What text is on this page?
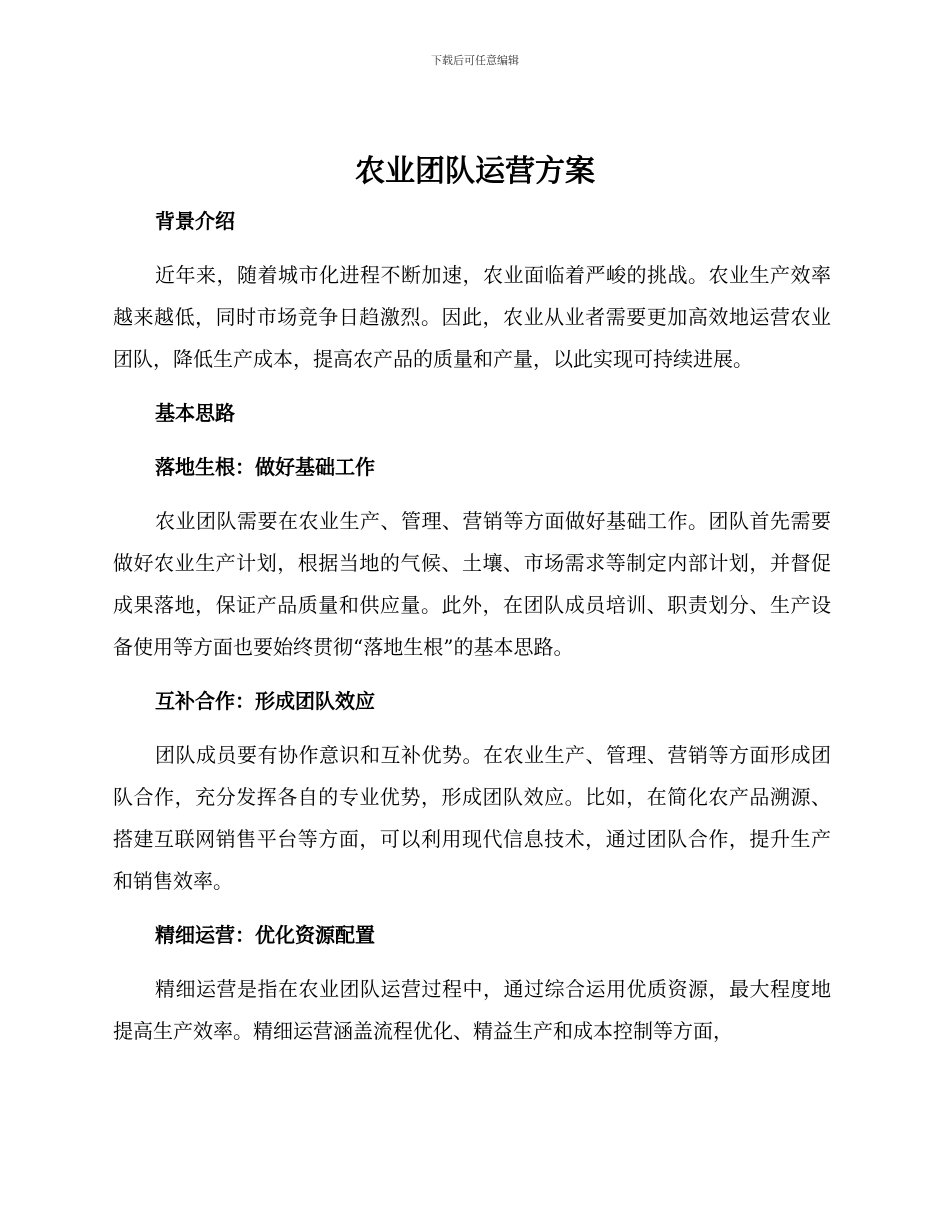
下载后可任意编辑
农业团队运营方案
背景介绍

近年来，随着城市化进程不断加速，农业面临着严峻的挑战。农业生产效率越来越低，同时市场竞争日趋激烈。因此，农业从业者需要更加高效地运营农业团队，降低生产成本，提高农产品的质量和产量，以此实现可持续进展。

基本思路
落地生根：做好基础工作

农业团队需要在农业生产、管理、营销等方面做好基础工作。团队首先需要做好农业生产计划，根据当地的气候、土壤、市场需求等制定内部计划，并督促成果落地，保证产品质量和供应量。此外，在团队成员培训、职责划分、生产设备使用等方面也要始终贯彻“落地生根”的基本思路。

互补合作：形成团队效应

团队成员要有协作意识和互补优势。在农业生产、管理、营销等方面形成团队合作，充分发挥各自的专业优势，形成团队效应。比如，在简化农产品溯源、搭建互联网销售平台等方面，可以利用现代信息技术，通过团队合作，提升生产和销售效率。

精细运营：优化资源配置

精细运营是指在农业团队运营过程中，通过综合运用优质资源，最大程度地提高生产效率。精细运营涵盖流程优化、精益生产和成本控制等方面，
